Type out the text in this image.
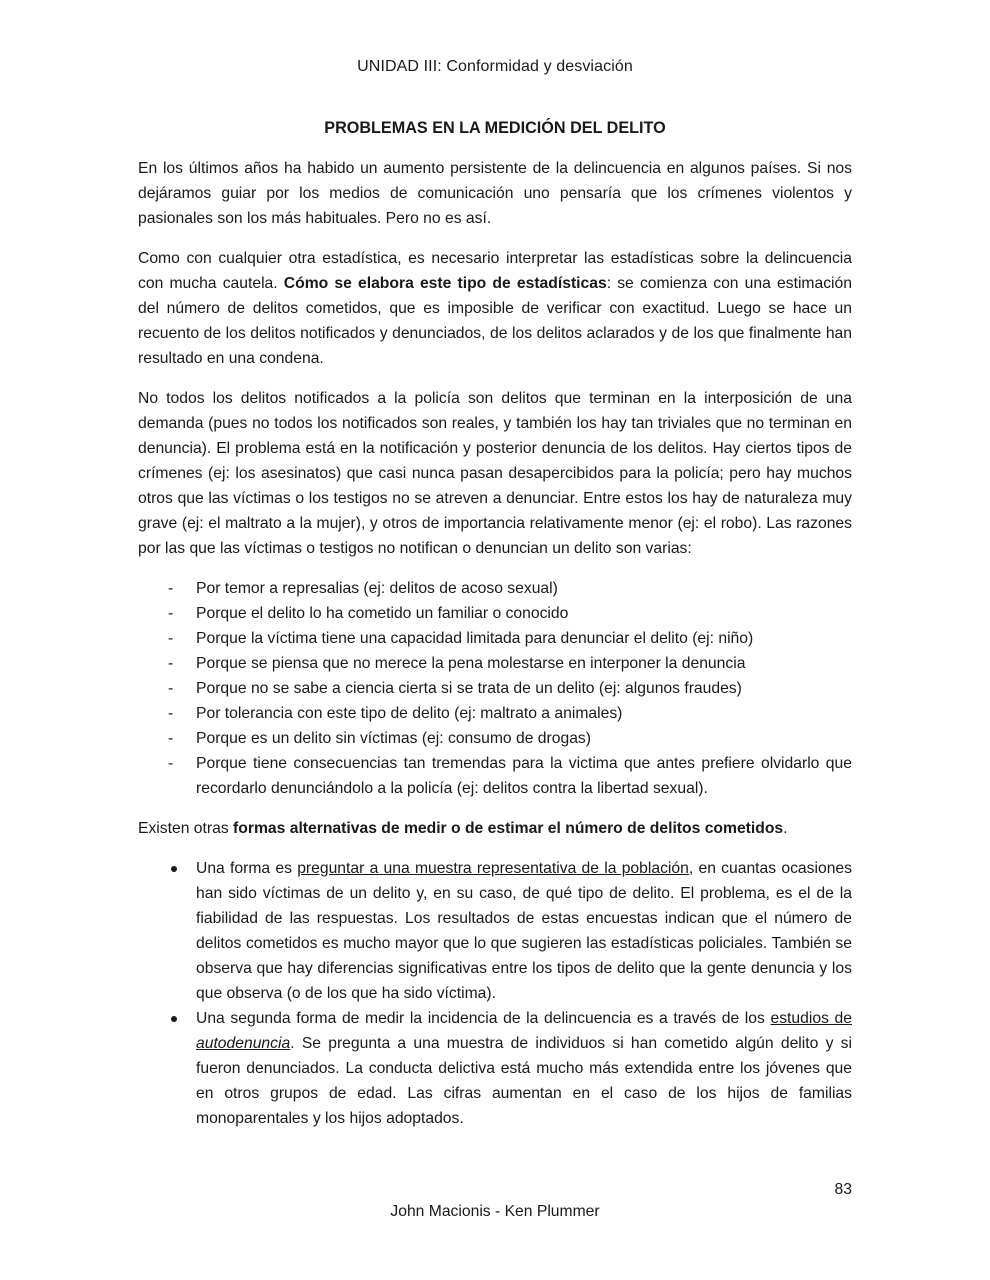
UNIDAD III: Conformidad y desviación
PROBLEMAS EN LA MEDICIÓN DEL DELITO

En los últimos años ha habido un aumento persistente de la delincuencia en algunos países. Si nos dejáramos guiar por los medios de comunicación uno pensaría que los crímenes violentos y pasionales son los más habituales. Pero no es así.

Como con cualquier otra estadística, es necesario interpretar las estadísticas sobre la delincuencia con mucha cautela. Cómo se elabora este tipo de estadísticas: se comienza con una estimación del número de delitos cometidos, que es imposible de verificar con exactitud. Luego se hace un recuento de los delitos notificados y denunciados, de los delitos aclarados y de los que finalmente han resultado en una condena.

No todos los delitos notificados a la policía son delitos que terminan en la interposición de una demanda (pues no todos los notificados son reales, y también los hay tan triviales que no terminan en denuncia). El problema está en la notificación y posterior denuncia de los delitos. Hay ciertos tipos de crímenes (ej: los asesinatos) que casi nunca pasan desapercibidos para la policía; pero hay muchos otros que las víctimas o los testigos no se atreven a denunciar. Entre estos los hay de naturaleza muy grave (ej: el maltrato a la mujer), y otros de importancia relativamente menor (ej: el robo). Las razones por las que las víctimas o testigos no notifican o denuncian un delito son varias:

- Por temor a represalias (ej: delitos de acoso sexual)
- Porque el delito lo ha cometido un familiar o conocido
- Porque la víctima tiene una capacidad limitada para denunciar el delito (ej: niño)
- Porque se piensa que no merece la pena molestarse en interponer la denuncia
- Porque no se sabe a ciencia cierta si se trata de un delito (ej: algunos fraudes)
- Por tolerancia con este tipo de delito (ej: maltrato a animales)
- Porque es un delito sin víctimas (ej: consumo de drogas)
- Porque tiene consecuencias tan tremendas para la victima que antes prefiere olvidarlo que recordarlo denunciándolo a la policía (ej: delitos contra la libertad sexual).

Existen otras formas alternativas de medir o de estimar el número de delitos cometidos.

Una forma es preguntar a una muestra representativa de la población, en cuantas ocasiones han sido víctimas de un delito y, en su caso, de qué tipo de delito. El problema, es el de la fiabilidad de las respuestas. Los resultados de estas encuestas indican que el número de delitos cometidos es mucho mayor que lo que sugieren las estadísticas policiales. También se observa que hay diferencias significativas entre los tipos de delito que la gente denuncia y los que observa (o de los que ha sido víctima).
Una segunda forma de medir la incidencia de la delincuencia es a través de los estudios de autodenuncia. Se pregunta a una muestra de individuos si han cometido algún delito y si fueron denunciados. La conducta delictiva está mucho más extendida entre los jóvenes que en otros grupos de edad. Las cifras aumentan en el caso de los hijos de familias monoparentales y los hijos adoptados.
83
John Macionis - Ken Plummer
